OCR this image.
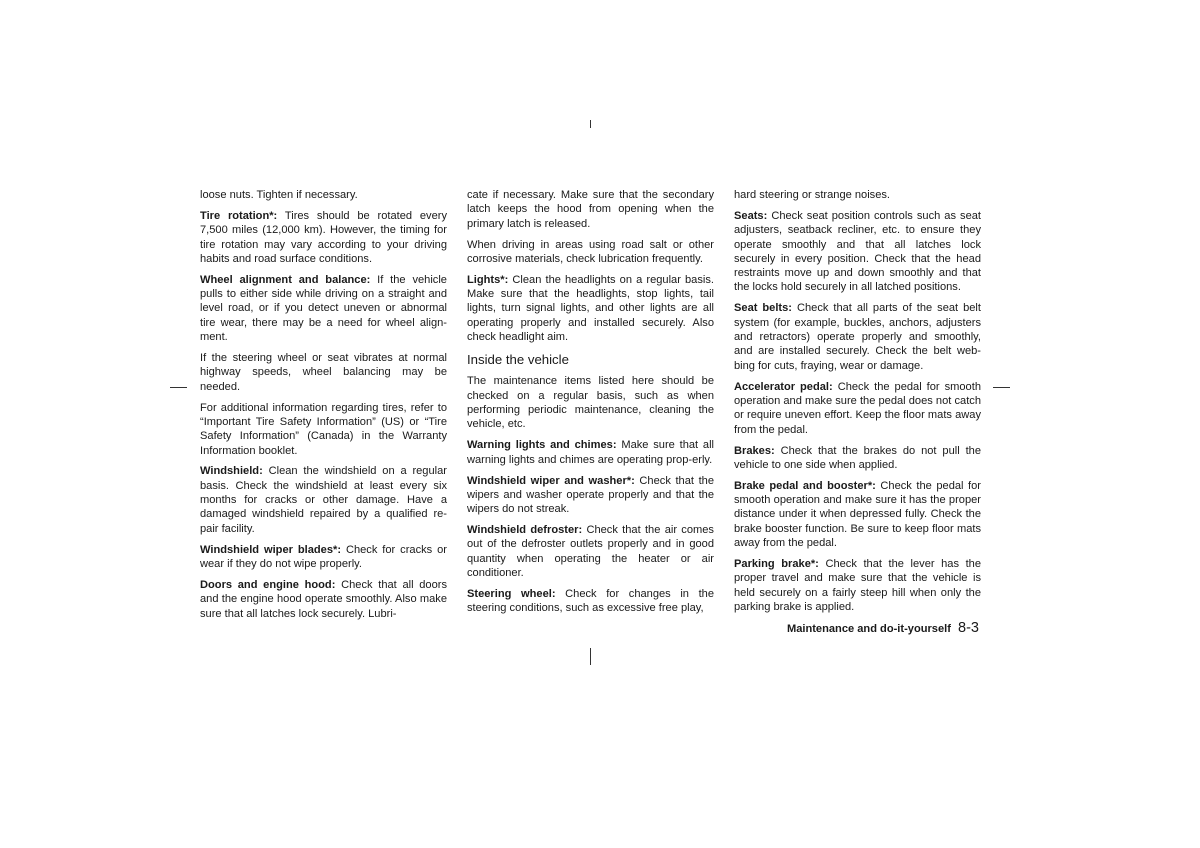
loose nuts. Tighten if necessary.

Tire rotation*: Tires should be rotated every 7,500 miles (12,000 km). However, the timing for tire rotation may vary according to your driving habits and road surface conditions.

Wheel alignment and balance: If the vehicle pulls to either side while driving on a straight and level road, or if you detect uneven or abnormal tire wear, there may be a need for wheel align-ment.

If the steering wheel or seat vibrates at normal highway speeds, wheel balancing may be needed.

For additional information regarding tires, refer to “Important Tire Safety Information” (US) or “Tire Safety Information” (Canada) in the Warranty Information booklet.

Windshield: Clean the windshield on a regular basis. Check the windshield at least every six months for cracks or other damage. Have a damaged windshield repaired by a qualified re-pair facility.

Windshield wiper blades*: Check for cracks or wear if they do not wipe properly.

Doors and engine hood: Check that all doors and the engine hood operate smoothly. Also make sure that all latches lock securely. Lubri-

cate if necessary. Make sure that the secondary latch keeps the hood from opening when the primary latch is released.

When driving in areas using road salt or other corrosive materials, check lubrication frequently.

Lights*: Clean the headlights on a regular basis. Make sure that the headlights, stop lights, tail lights, turn signal lights, and other lights are all operating properly and installed securely. Also check headlight aim.

Inside the vehicle

The maintenance items listed here should be checked on a regular basis, such as when performing periodic maintenance, cleaning the vehicle, etc.

Warning lights and chimes: Make sure that all warning lights and chimes are operating prop-erly.

Windshield wiper and washer*: Check that the wipers and washer operate properly and that the wipers do not streak.

Windshield defroster: Check that the air comes out of the defroster outlets properly and in good quantity when operating the heater or air conditioner.

Steering wheel: Check for changes in the steering conditions, such as excessive free play,

hard steering or strange noises.

Seats: Check seat position controls such as seat adjusters, seatback recliner, etc. to ensure they operate smoothly and that all latches lock securely in every position. Check that the head restraints move up and down smoothly and that the locks hold securely in all latched positions.

Seat belts: Check that all parts of the seat belt system (for example, buckles, anchors, adjusters and retractors) operate properly and smoothly, and are installed securely. Check the belt web-bing for cuts, fraying, wear or damage.

Accelerator pedal: Check the pedal for smooth operation and make sure the pedal does not catch or require uneven effort. Keep the floor mats away from the pedal.

Brakes: Check that the brakes do not pull the vehicle to one side when applied.

Brake pedal and booster*: Check the pedal for smooth operation and make sure it has the proper distance under it when depressed fully. Check the brake booster function. Be sure to keep floor mats away from the pedal.

Parking brake*: Check that the lever has the proper travel and make sure that the vehicle is held securely on a fairly steep hill when only the parking brake is applied.

Maintenance and do-it-yourself 8-3
